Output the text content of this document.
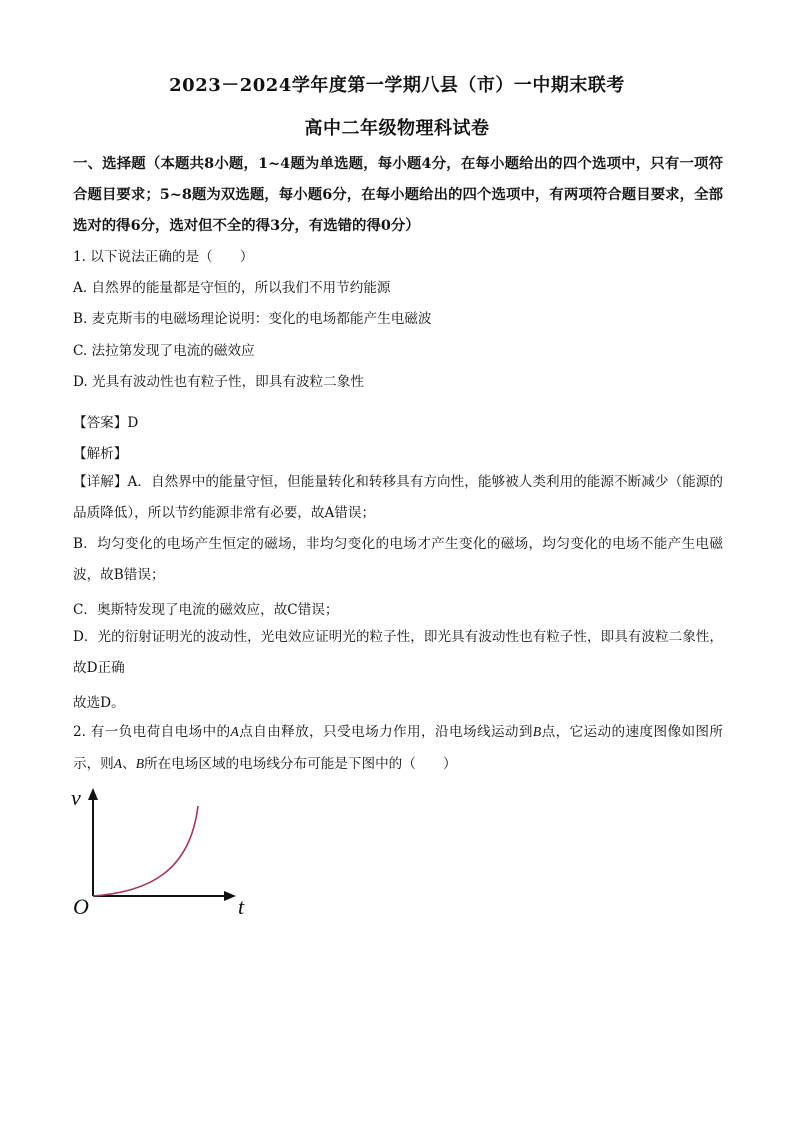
2023－2024学年度第一学期八县（市）一中期末联考
高中二年级物理科试卷
一、选择题（本题共8小题，1~4题为单选题，每小题4分，在每小题给出的四个选项中，只有一项符合题目要求；5~8题为双选题，每小题6分，在每小题给出的四个选项中，有两项符合题目要求，全部选对的得6分，选对但不全的得3分，有选错的得0分）
1. 以下说法正确的是（　　）
A. 自然界的能量都是守恒的，所以我们不用节约能源
B. 麦克斯韦的电磁场理论说明：变化的电场都能产生电磁波
C. 法拉第发现了电流的磁效应
D. 光具有波动性也有粒子性，即具有波粒二象性
【答案】D
【解析】
【详解】A．自然界中的能量守恒，但能量转化和转移具有方向性，能够被人类利用的能源不断减少（能源的品质降低），所以节约能源非常有必要，故A错误；
B．均匀变化的电场产生恒定的磁场，非均匀变化的电场才产生变化的磁场，均匀变化的电场不能产生电磁波，故B错误；
C．奥斯特发现了电流的磁效应，故C错误；
D．光的衍射证明光的波动性，光电效应证明光的粒子性，即光具有波动性也有粒子性，即具有波粒二象性，故D正确
故选D。
2. 有一负电荷自电场中的A点自由释放，只受电场力作用，沿电场线运动到B点，它运动的速度图像如图所示，则A、B所在电场区域的电场线分布可能是下图中的（　　）
v
t
O
